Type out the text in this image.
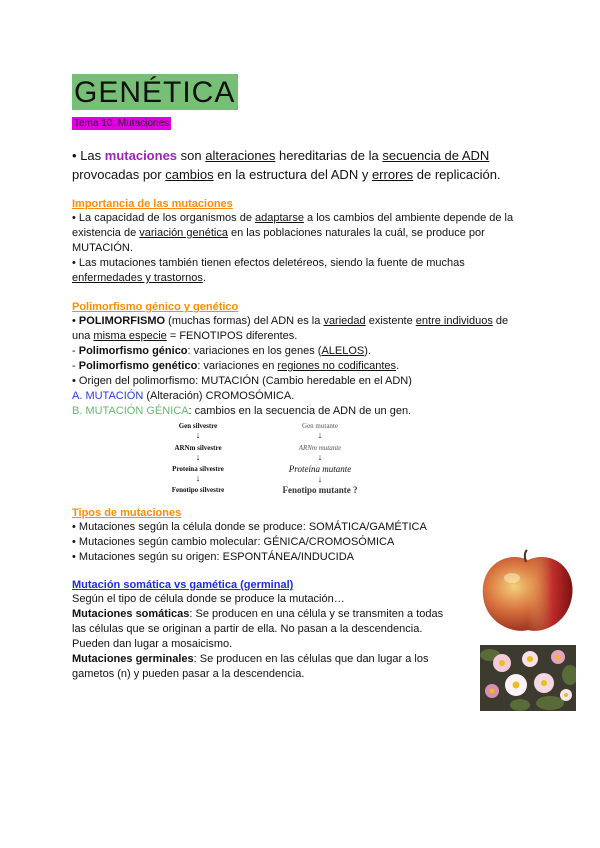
GENÉTICA
Tema 10. Mutaciones
• Las mutaciones son alteraciones hereditarias de la secuencia de ADN provocadas por cambios en la estructura del ADN y errores de replicación.
Importancia de las mutaciones

• La capacidad de los organismos de adaptarse a los cambios del ambiente depende de la existencia de variación genética en las poblaciones naturales la cuál, se produce por MUTACIÓN.

• Las mutaciones también tienen efectos deletéreos, siendo la fuente de muchas enfermedades y trastornos.

Polimorfismo génico y genético

• POLIMORFISMO (muchas formas) del ADN es la variedad existente entre individuos de una misma especie = FENOTIPOS diferentes.

- Polimorfismo génico: variaciones en los genes (ALELOS).

- Polimorfismo genético: variaciones en regiones no codificantes.

• Origen del polimorfismo: MUTACIÓN (Cambio heredable en el ADN)

A. MUTACIÓN (Alteración) CROMOSÓMICA.

B. MUTACIÓN GÉNICA: cambios en la secuencia de ADN de un gen.

Gen silvestre
↓
ARNm silvestre
↓
Proteína silvestre
↓
Fenotipo silvestre
Gen mutante
↓
ARNm mutante
↓
Proteína mutante
↓
Fenotipo mutante ?
Tipos de mutaciones

• Mutaciones según la célula donde se produce: SOMÁTICA/GAMÉTICA

• Mutaciones según cambio molecular: GÉNICA/CROMOSÓMICA

• Mutaciones según su origen: ESPONTÁNEA/INDUCIDA

Mutación somática vs gamética (germinal)

Según el tipo de célula donde se produce la mutación…

Mutaciones somáticas: Se producen en una célula y se transmiten a todas las células que se originan a partir de ella. No pasan a la descendencia. Pueden dan lugar a mosaicismo.

Mutaciones germinales: Se producen en las células que dan lugar a los gametos (n) y pueden pasar a la descendencia.
